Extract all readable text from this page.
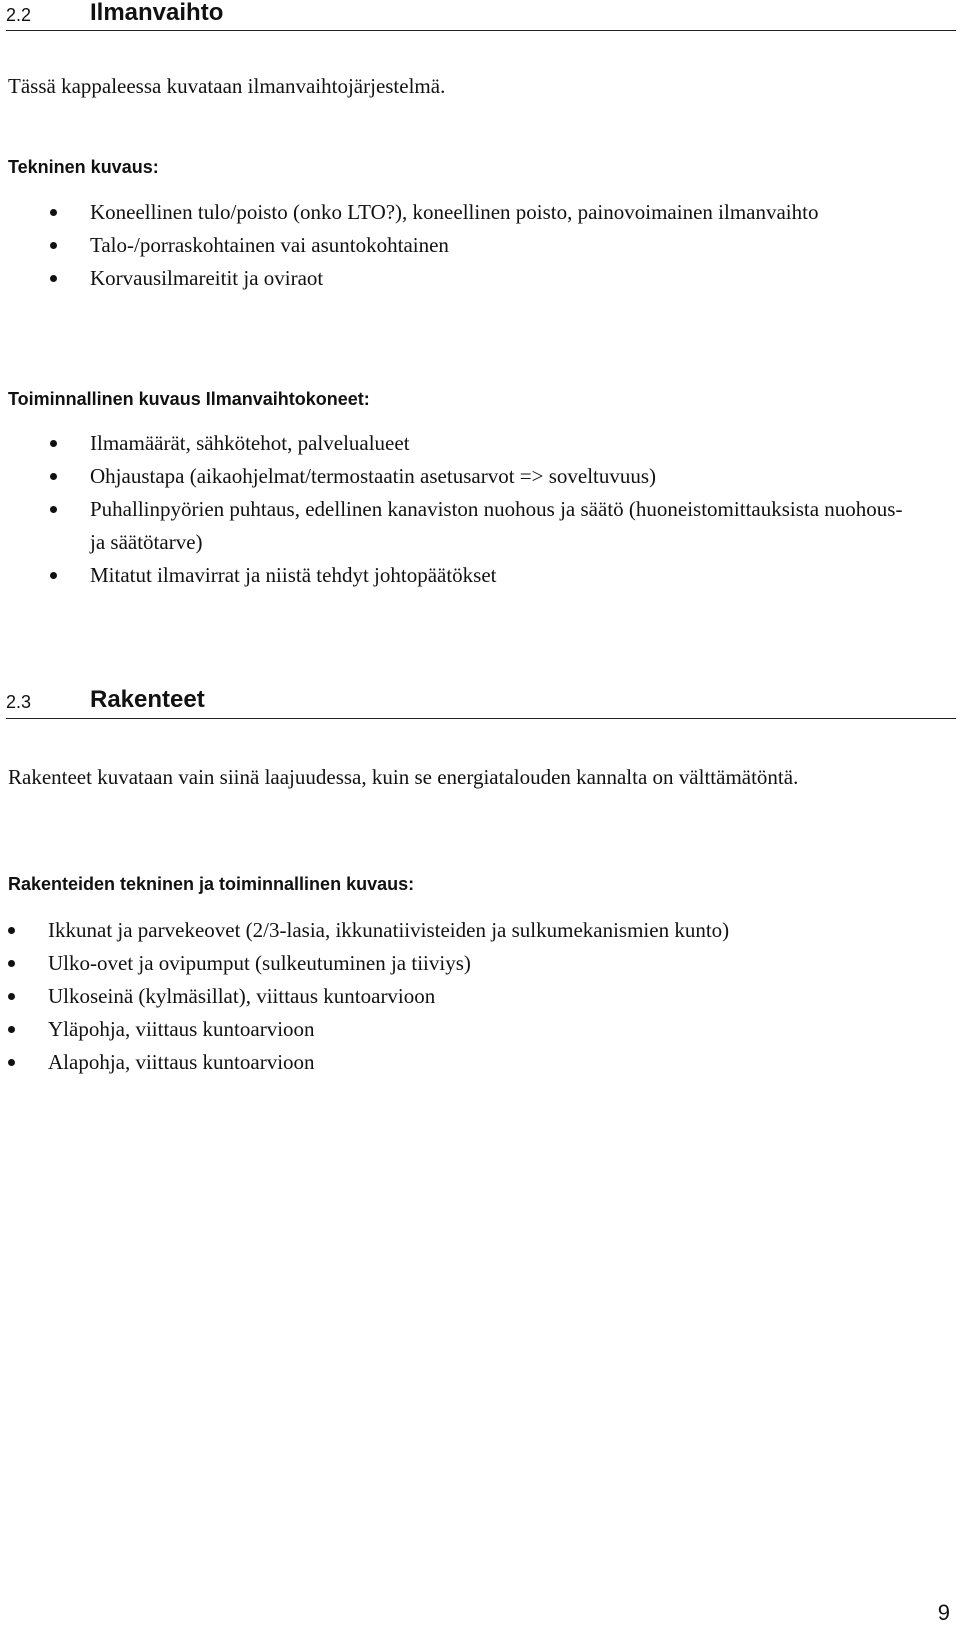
2.2 Ilmanvaihto

Tässä kappaleessa kuvataan ilmanvaihtojärjestelmä.

Tekninen kuvaus:
Koneellinen tulo/poisto (onko LTO?), koneellinen poisto, painovoimainen ilmanvaihto
Talo-/porraskohtainen vai asuntokohtainen
Korvausilmareitit ja oviraot
Toiminnallinen kuvaus Ilmanvaihtokoneet:
Ilmamäärät, sähkötehot, palvelualueet
Ohjaustapa (aikaohjelmat/termostaatin asetusarvot => soveltuvuus)
Puhallinpyörien puhtaus, edellinen kanaviston nuohous ja säätö (huoneistomittauksista nuohous- ja säätötarve)
Mitatut ilmavirrat ja niistä tehdyt johtopäätökset
2.3 Rakenteet

Rakenteet kuvataan vain siinä laajuudessa, kuin se energiatalouden kannalta on välttämätöntä.

Rakenteiden tekninen ja toiminnallinen kuvaus:
Ikkunat ja parvekeovet (2/3-lasia, ikkunatiivisteiden ja sulkumekanismien kunto)
Ulko-ovet ja ovipumput (sulkeutuminen ja tiiviys)
Ulkoseinä (kylmäsillat), viittaus kuntoarvioon
Yläpohja, viittaus kuntoarvioon
Alapohja, viittaus kuntoarvioon
9
